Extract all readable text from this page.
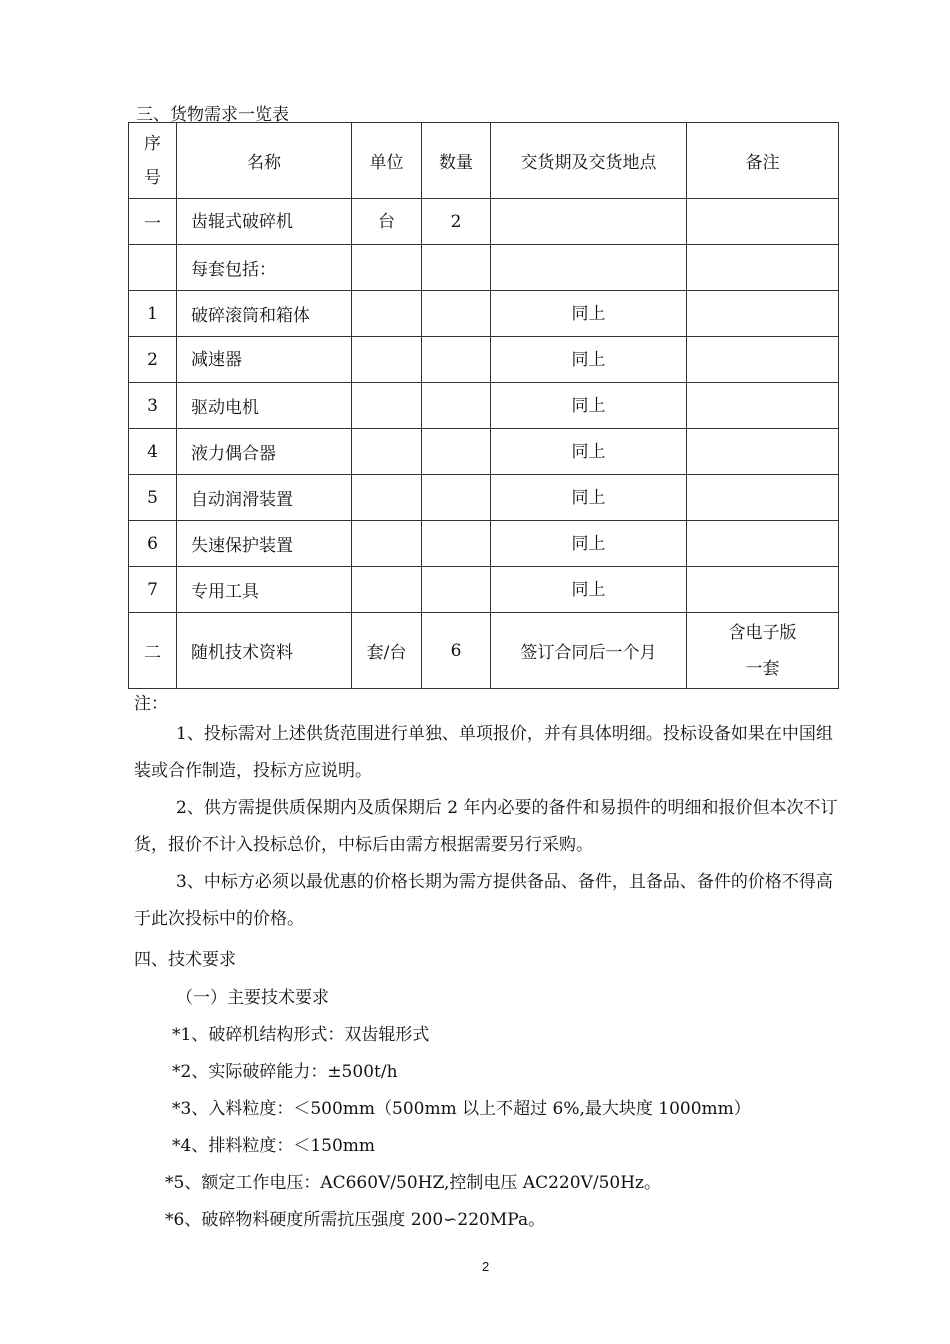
三、货物需求一览表
序
号	名称	单位	数量	交货期及交货地点	备注
一	齿辊式破碎机	台	2		
	每套包括：				
1	破碎滚筒和箱体			同上	
2	减速器			同上	
3	驱动电机			同上	
4	液力偶合器			同上	
5	自动润滑装置			同上	
6	失速保护装置			同上	
7	专用工具			同上	
二	随机技术资料	套/台	6	签订合同后一个月	含电子版
一套
注：
1、投标需对上述供货范围进行单独、单项报价，并有具体明细。投标设备如果在中国组装或合作制造，投标方应说明。
2、供方需提供质保期内及质保期后 2 年内必要的备件和易损件的明细和报价但本次不订货，报价不计入投标总价，中标后由需方根据需要另行采购。
3、中标方必须以最优惠的价格长期为需方提供备品、备件，且备品、备件的价格不得高于此次投标中的价格。
四、技术要求
（一）主要技术要求
*1、破碎机结构形式：双齿辊形式
*2、实际破碎能力：±500t/h
*3、入料粒度：＜500mm（500mm 以上不超过 6%,最大块度 1000mm）
*4、排料粒度：＜150mm
*5、额定工作电压：AC660V/50HZ,控制电压 AC220V/50Hz。
*6、破碎物料硬度所需抗压强度 200∽220MPa。
2
